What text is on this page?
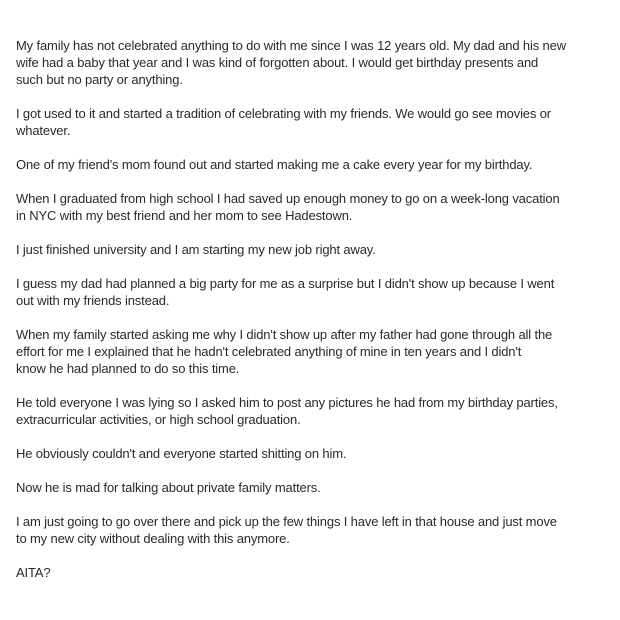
My family has not celebrated anything to do with me since I was 12 years old. My dad and his new
wife had a baby that year and I was kind of forgotten about. I would get birthday presents and
such but no party or anything.

I got used to it and started a tradition of celebrating with my friends. We would go see movies or
whatever.

One of my friend's mom found out and started making me a cake every year for my birthday.

When I graduated from high school I had saved up enough money to go on a week-long vacation
in NYC with my best friend and her mom to see Hadestown.

I just finished university and I am starting my new job right away.

I guess my dad had planned a big party for me as a surprise but I didn't show up because I went
out with my friends instead.

When my family started asking me why I didn't show up after my father had gone through all the
effort for me I explained that he hadn't celebrated anything of mine in ten years and I didn't
know he had planned to do so this time.

He told everyone I was lying so I asked him to post any pictures he had from my birthday parties,
extracurricular activities, or high school graduation.

He obviously couldn't and everyone started shitting on him.

Now he is mad for talking about private family matters.

I am just going to go over there and pick up the few things I have left in that house and just move
to my new city without dealing with this anymore.

AITA?
